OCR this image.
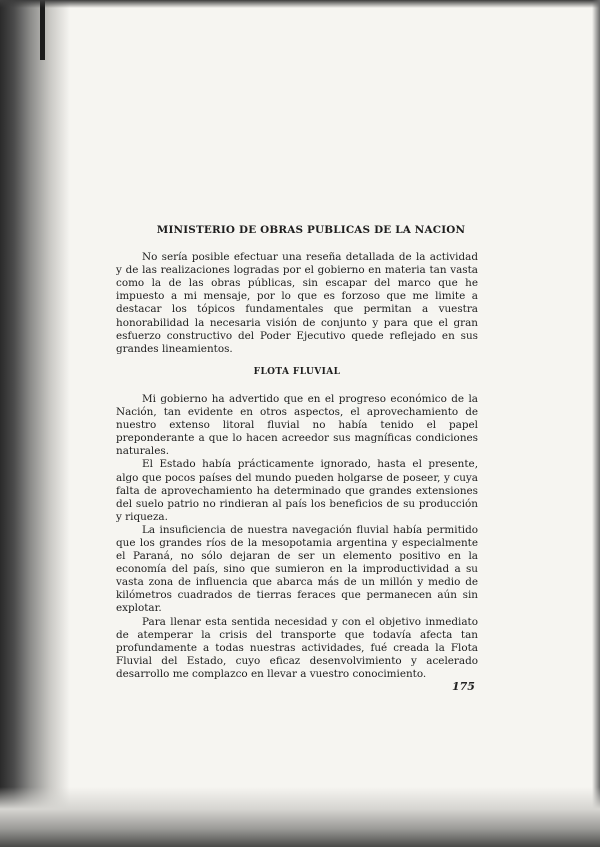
MINISTERIO DE OBRAS PUBLICAS DE LA NACION

No sería posible efectuar una reseña detallada de la actividad y de las realizaciones logradas por el gobierno en materia tan vasta como la de las obras públicas, sin escapar del marco que he impuesto a mi mensaje, por lo que es forzoso que me limite a destacar los tópicos fundamentales que permitan a vuestra honorabilidad la necesaria visión de conjunto y para que el gran esfuerzo constructivo del Poder Ejecutivo quede reflejado en sus grandes lineamientos.

FLOTA FLUVIAL

Mi gobierno ha advertido que en el progreso económico de la Nación, tan evidente en otros aspectos, el aprovechamiento de nuestro extenso litoral fluvial no había tenido el papel preponderante a que lo hacen acreedor sus magníficas condiciones naturales.

El Estado había prácticamente ignorado, hasta el presente, algo que pocos países del mundo pueden holgarse de poseer, y cuya falta de aprovechamiento ha determinado que grandes extensiones del suelo patrio no rindieran al país los beneficios de su producción y riqueza.

La insuficiencia de nuestra navegación fluvial había permitido que los grandes ríos de la mesopotamia argentina y especialmente el Paraná, no sólo dejaran de ser un elemento positivo en la economía del país, sino que sumieron en la improductividad a su vasta zona de influencia que abarca más de un millón y medio de kilómetros cuadrados de tierras feraces que permanecen aún sin explotar.

Para llenar esta sentida necesidad y con el objetivo inmediato de atemperar la crisis del transporte que todavía afecta tan profundamente a todas nuestras actividades, fué creada la Flota Fluvial del Estado, cuyo eficaz desenvolvimiento y acelerado desarrollo me complazco en llevar a vuestro conocimiento.

175
